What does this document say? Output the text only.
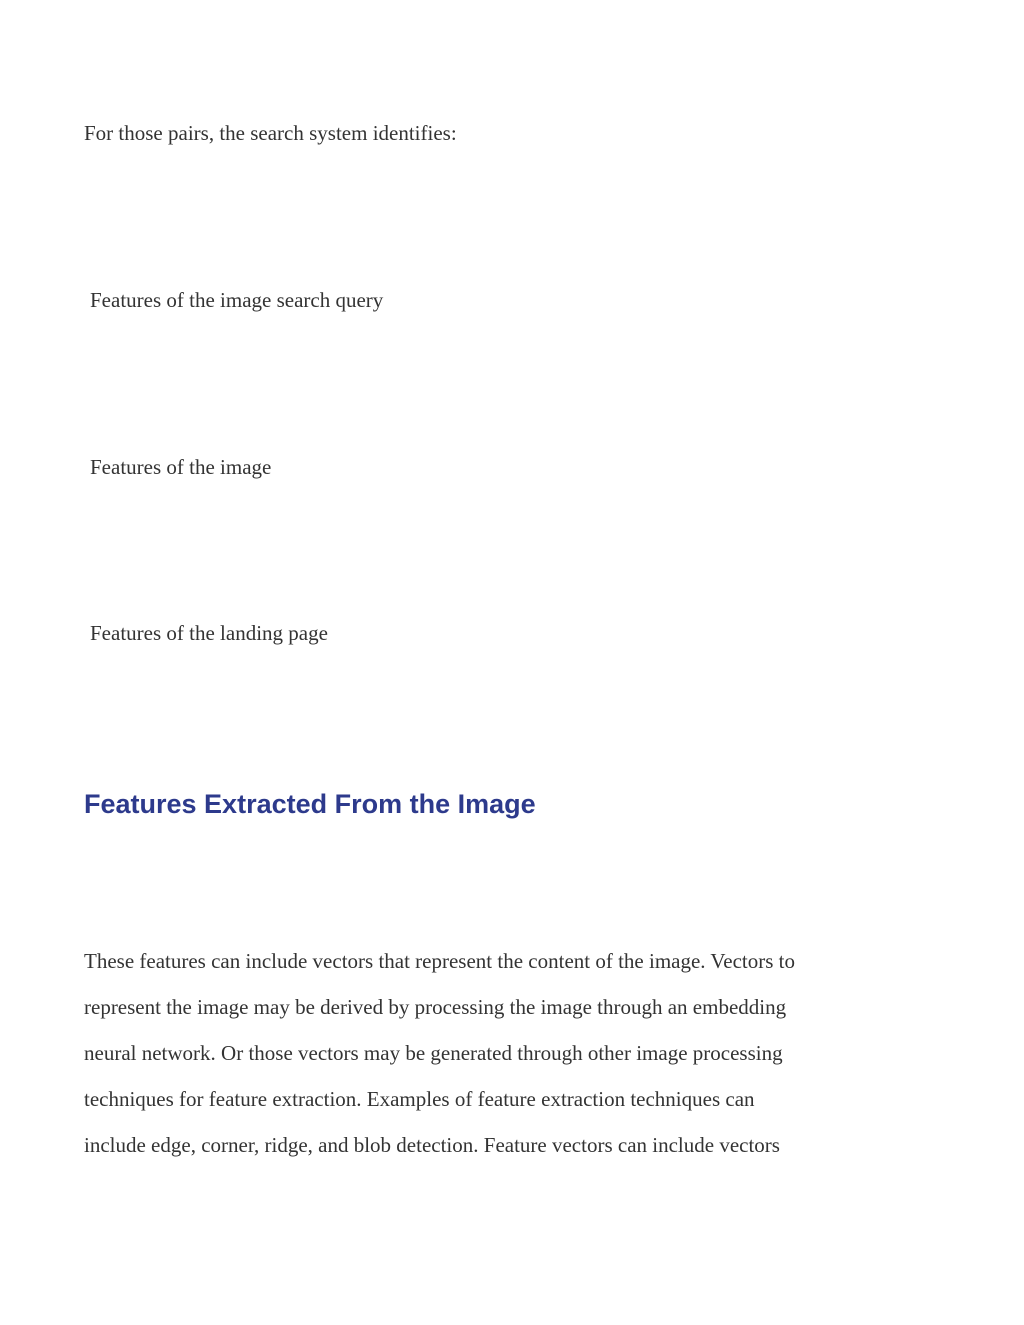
For those pairs, the search system identifies:

Features of the image search query

Features of the image

Features of the landing page

Features Extracted From the Image
These features can include vectors that represent the content of the image. Vectors to
represent the image may be derived by processing the image through an embedding
neural network. Or those vectors may be generated through other image processing
techniques for feature extraction. Examples of feature extraction techniques can
include edge, corner, ridge, and blob detection. Feature vectors can include vectors
